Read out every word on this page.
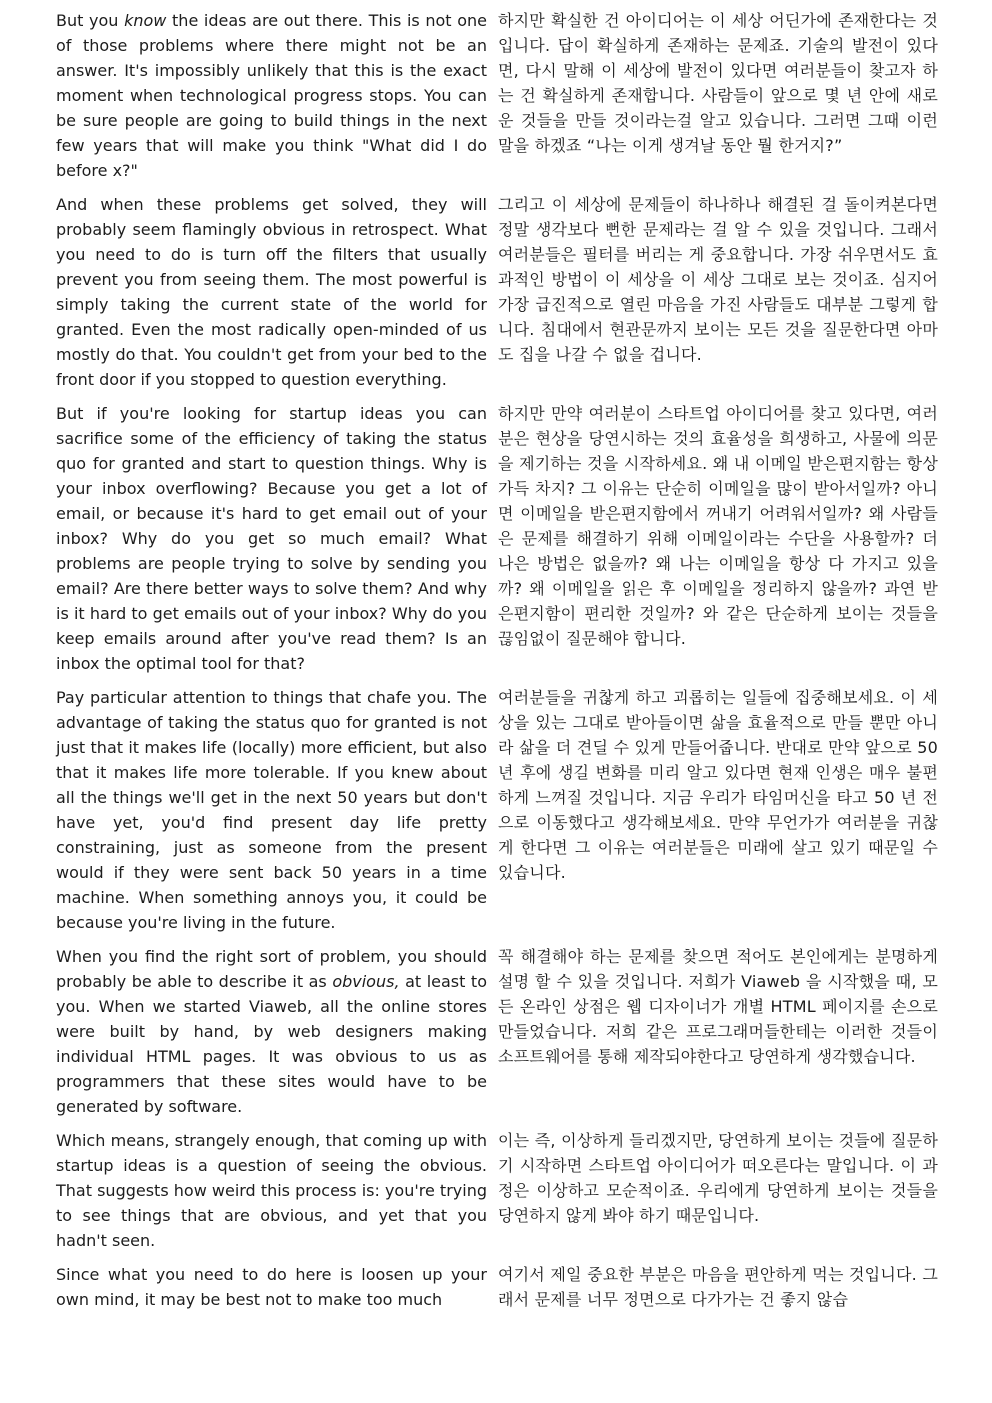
But you know the ideas are out there. This is not one of those problems where there might not be an answer. It's impossibly unlikely that this is the exact moment when technological progress stops. You can be sure people are going to build things in the next few years that will make you think "What did I do before x?"

하지만 확실한 건 아이디어는 이 세상 어딘가에 존재한다는 것입니다. 답이 확실하게 존재하는 문제죠. 기술의 발전이 있다면, 다시 말해 이 세상에 발전이 있다면 여러분들이 찾고자 하는 건 확실하게 존재합니다. 사람들이 앞으로 몇 년 안에 새로운 것들을 만들 것이라는걸 알고 있습니다. 그러면 그때 이런 말을 하겠죠 “나는 이게 생겨날 동안 뭘 한거지?”

And when these problems get solved, they will probably seem flamingly obvious in retrospect. What you need to do is turn off the filters that usually prevent you from seeing them. The most powerful is simply taking the current state of the world for granted. Even the most radically open-minded of us mostly do that. You couldn't get from your bed to the front door if you stopped to question everything.

그리고 이 세상에 문제들이 하나하나 해결된 걸 돌이켜본다면 정말 생각보다 뻔한 문제라는 걸 알 수 있을 것입니다. 그래서 여러분들은 필터를 버리는 게 중요합니다. 가장 쉬우면서도 효과적인 방법이 이 세상을 이 세상 그대로 보는 것이죠. 심지어 가장 급진적으로 열린 마음을 가진 사람들도 대부분 그렇게 합니다. 침대에서 현관문까지 보이는 모든 것을 질문한다면 아마도 집을 나갈 수 없을 겁니다.

But if you're looking for startup ideas you can sacrifice some of the efficiency of taking the status quo for granted and start to question things. Why is your inbox overflowing? Because you get a lot of email, or because it's hard to get email out of your inbox? Why do you get so much email? What problems are people trying to solve by sending you email? Are there better ways to solve them? And why is it hard to get emails out of your inbox? Why do you keep emails around after you've read them? Is an inbox the optimal tool for that?

하지만 만약 여러분이 스타트업 아이디어를 찾고 있다면, 여러분은 현상을 당연시하는 것의 효율성을 희생하고, 사물에 의문을 제기하는 것을 시작하세요. 왜 내 이메일 받은편지함는 항상 가득 차지? 그 이유는 단순히 이메일을 많이 받아서일까? 아니면 이메일을 받은편지함에서 꺼내기 어려워서일까? 왜 사람들은 문제를 해결하기 위해 이메일이라는 수단을 사용할까? 더 나은 방법은 없을까? 왜 나는 이메일을 항상 다 가지고 있을까? 왜 이메일을 읽은 후 이메일을 정리하지 않을까? 과연 받은편지함이 편리한 것일까? 와 같은 단순하게 보이는 것들을 끊임없이 질문해야 합니다.

Pay particular attention to things that chafe you. The advantage of taking the status quo for granted is not just that it makes life (locally) more efficient, but also that it makes life more tolerable. If you knew about all the things we'll get in the next 50 years but don't have yet, you'd find present day life pretty constraining, just as someone from the present would if they were sent back 50 years in a time machine. When something annoys you, it could be because you're living in the future.

여러분들을 귀찮게 하고 괴롭히는 일들에 집중해보세요. 이 세상을 있는 그대로 받아들이면 삶을 효율적으로 만들 뿐만 아니라 삶을 더 견딜 수 있게 만들어줍니다. 반대로 만약 앞으로 50 년 후에 생길 변화를 미리 알고 있다면 현재 인생은 매우 불편하게 느껴질 것입니다. 지금 우리가 타임머신을 타고 50 년 전으로 이동했다고 생각해보세요. 만약 무언가가 여러분을 귀찮게 한다면 그 이유는 여러분들은 미래에 살고 있기 때문일 수 있습니다.

When you find the right sort of problem, you should probably be able to describe it as obvious, at least to you. When we started Viaweb, all the online stores were built by hand, by web designers making individual HTML pages. It was obvious to us as programmers that these sites would have to be generated by software.

꼭 해결해야 하는 문제를 찾으면 적어도 본인에게는 분명하게 설명 할 수 있을 것입니다. 저희가 Viaweb 을 시작했을 때, 모든 온라인 상점은 웹 디자이너가 개별 HTML 페이지를 손으로 만들었습니다. 저희 같은 프로그래머들한테는 이러한 것들이 소프트웨어를 통해 제작되야한다고 당연하게 생각했습니다.

Which means, strangely enough, that coming up with startup ideas is a question of seeing the obvious. That suggests how weird this process is: you're trying to see things that are obvious, and yet that you hadn't seen.

이는 즉, 이상하게 들리겠지만, 당연하게 보이는 것들에 질문하기 시작하면 스타트업 아이디어가 떠오른다는 말입니다. 이 과정은 이상하고 모순적이죠. 우리에게 당연하게 보이는 것들을 당연하지 않게 봐야 하기 때문입니다.

Since what you need to do here is loosen up your own mind, it may be best not to make too much

여기서 제일 중요한 부분은 마음을 편안하게 먹는 것입니다. 그래서 문제를 너무 정면으로 다가가는 건 좋지 않습
